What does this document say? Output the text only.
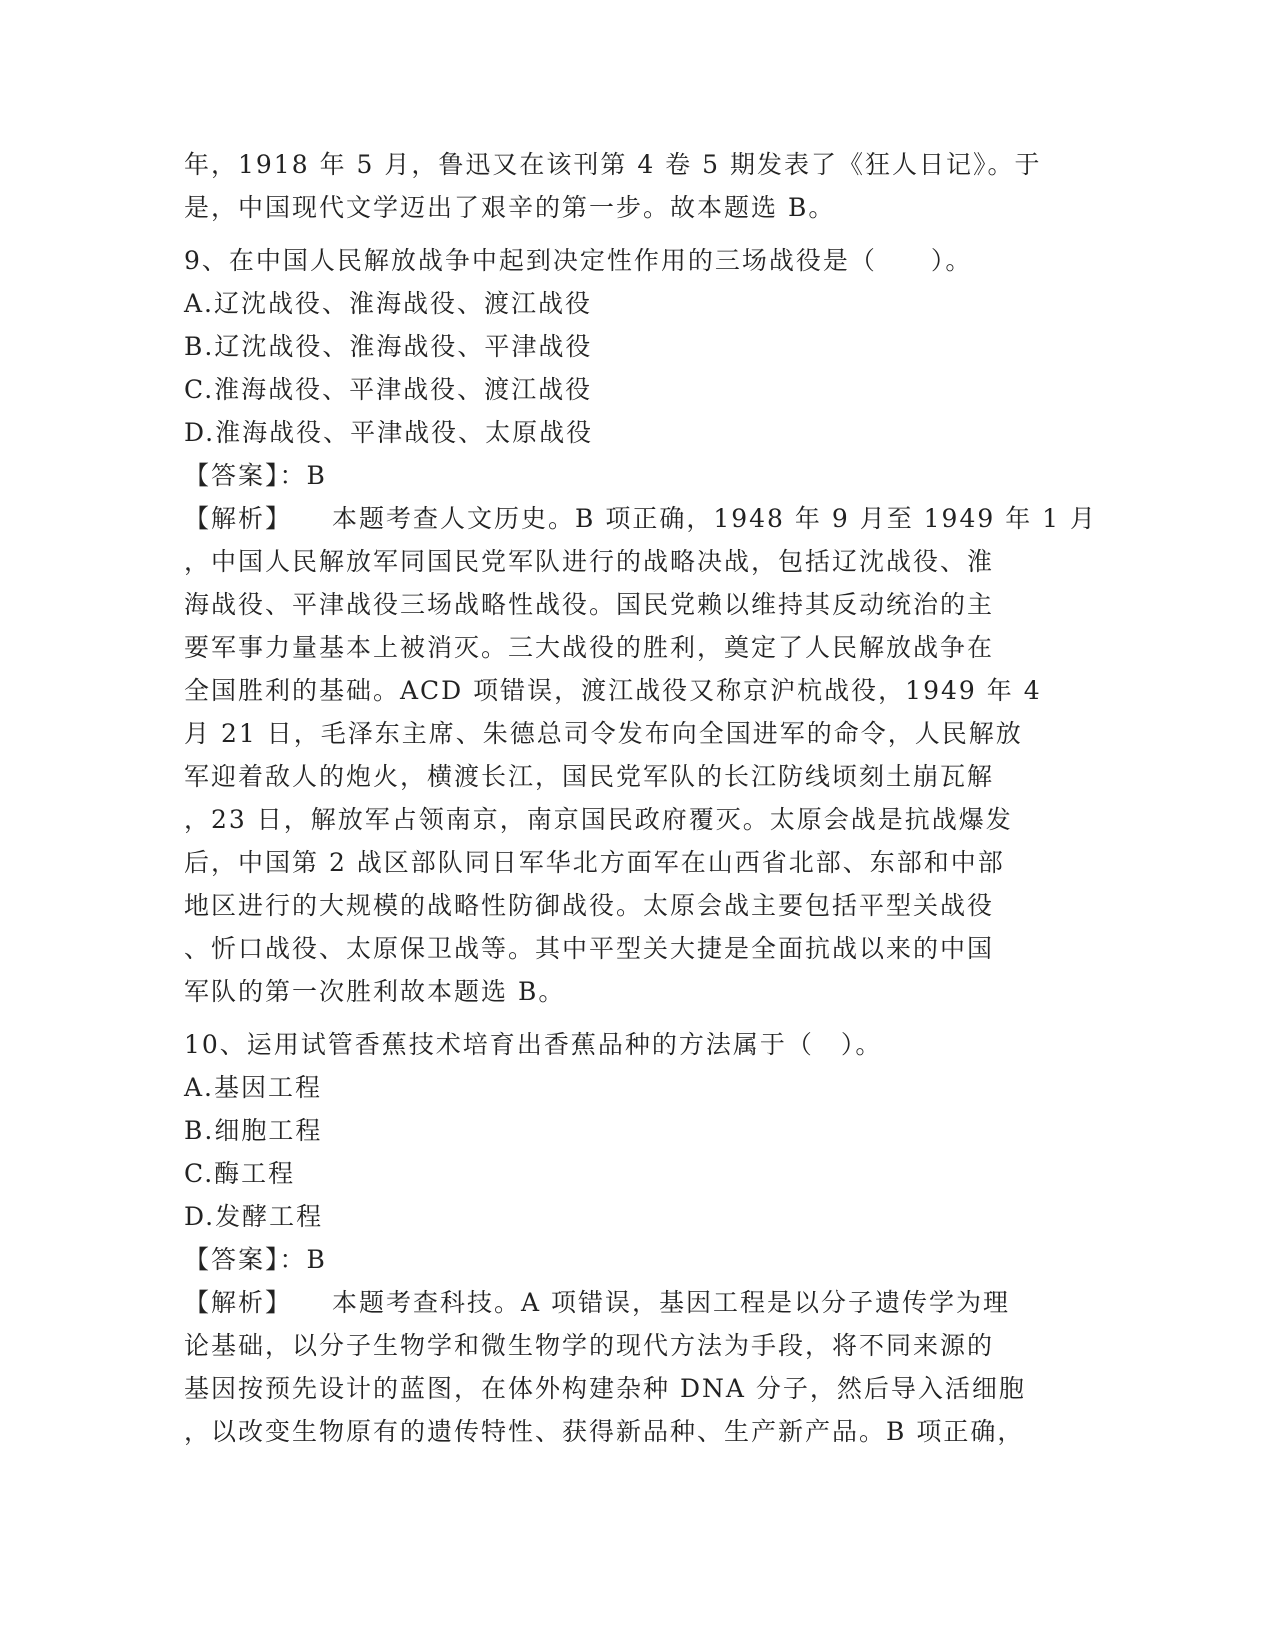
年，1918 年 5 月，鲁迅又在该刊第 4 卷 5 期发表了《狂人日记》。于
是，中国现代文学迈出了艰辛的第一步。故本题选 B。
9、在中国人民解放战争中起到决定性作用的三场战役是（　　）。
A.辽沈战役、淮海战役、渡江战役
B.辽沈战役、淮海战役、平津战役
C.淮海战役、平津战役、渡江战役
D.淮海战役、平津战役、太原战役
【答案】：B
【解析】 本题考查人文历史。B 项正确，1948 年 9 月至 1949 年 1 月
，中国人民解放军同国民党军队进行的战略决战，包括辽沈战役、淮
海战役、平津战役三场战略性战役。国民党赖以维持其反动统治的主
要军事力量基本上被消灭。三大战役的胜利，奠定了人民解放战争在
全国胜利的基础。ACD 项错误，渡江战役又称京沪杭战役，1949 年 4
月 21 日，毛泽东主席、朱德总司令发布向全国进军的命令，人民解放
军迎着敌人的炮火，横渡长江，国民党军队的长江防线顷刻土崩瓦解
，23 日，解放军占领南京，南京国民政府覆灭。太原会战是抗战爆发
后，中国第 2 战区部队同日军华北方面军在山西省北部、东部和中部
地区进行的大规模的战略性防御战役。太原会战主要包括平型关战役
、忻口战役、太原保卫战等。其中平型关大捷是全面抗战以来的中国
军队的第一次胜利故本题选 B。
10、运用试管香蕉技术培育出香蕉品种的方法属于（　）。
A.基因工程
B.细胞工程
C.酶工程
D.发酵工程
【答案】：B
【解析】 本题考查科技。A 项错误，基因工程是以分子遗传学为理
论基础，以分子生物学和微生物学的现代方法为手段，将不同来源的
基因按预先设计的蓝图，在体外构建杂种 DNA 分子，然后导入活细胞
，以改变生物原有的遗传特性、获得新品种、生产新产品。B 项正确，
